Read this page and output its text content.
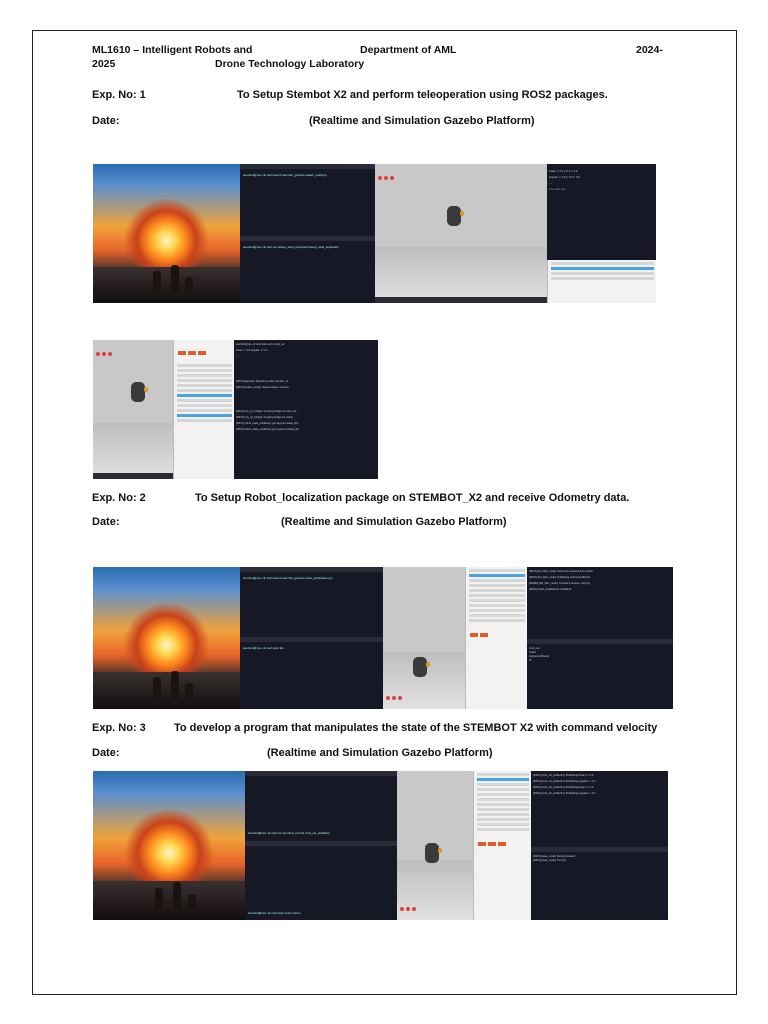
ML1610 – Intelligent Robots and
2025
Department of AML
Drone Technology Laboratory
2024-
Exp. No: 1	To Setup Stembot X2 and perform teleoperation using ROS2 packages.
Date:	(Realtime and Simulation Gazebo Platform)
stembot@ros:~$ ros2 launch stembot_gazebo spawn_world.py
stembot@ros:~$ ros2 run teleop_twist_keyboard teleop_twist_keyboard
linear: x: 0.5 y: 0.0 z: 0.0
angular: x: 0.0 y: 0.0 z: 0.0
---
u i o / j k l / m , .
stembot@ros:~$ ros2 topic echo /cmd_vel
linear: x: 0.5 angular: z: 0.0
---
[INFO] [gazebo]: Spawning entity stembot_x2
[INFO] [spawn_entity]: Spawn status: success
[INFO] [ros_gz_bridge]: Creating bridge for /cmd_vel
[INFO] [ros_gz_bridge]: Creating bridge for /odom
[INFO] [robot_state_publisher]: got segment base_link
[INFO] [robot_state_publisher]: got segment wheel_left
Exp. No: 2	To Setup Robot_localization package on STEMBOT_X2 and receive Odometry data.
Date:	(Realtime and Simulation Gazebo Platform)
stembot@ros:~$ ros2 launch stembot_gazebo robot_localization.py
stembot@ros:~$ ros2 topic list
[INFO] [ekf_filter_node]: Odometry received from /odom
[INFO] [ekf_filter_node]: Publishing /odometry/filtered
[WARN] [ekf_filter_node]: Transform timeout, retrying
[INFO] [robot_localization]: Initialized
/cmd_vel
/odom
/odometry/filtered
/tf
Exp. No: 3	To develop a program that manipulates the state of the STEMBOT X2 with command velocity
Date:	(Realtime and Simulation Gazebo Platform)
stembot@ros:~$ ros2 run stembot_control cmd_vel_publisher
stembot@ros:~$ ros2 topic echo /odom
[INFO] [cmd_vel_publisher]: Publishing linear.x = 0.2
[INFO] [cmd_vel_publisher]: Publishing angular.z = 0.1
[INFO] [cmd_vel_publisher]: Publishing linear.x = 0.2
[INFO] [cmd_vel_publisher]: Publishing angular.z = 0.1
[INFO] [state_node]: Moving forward
[INFO] [state_node]: Turning
